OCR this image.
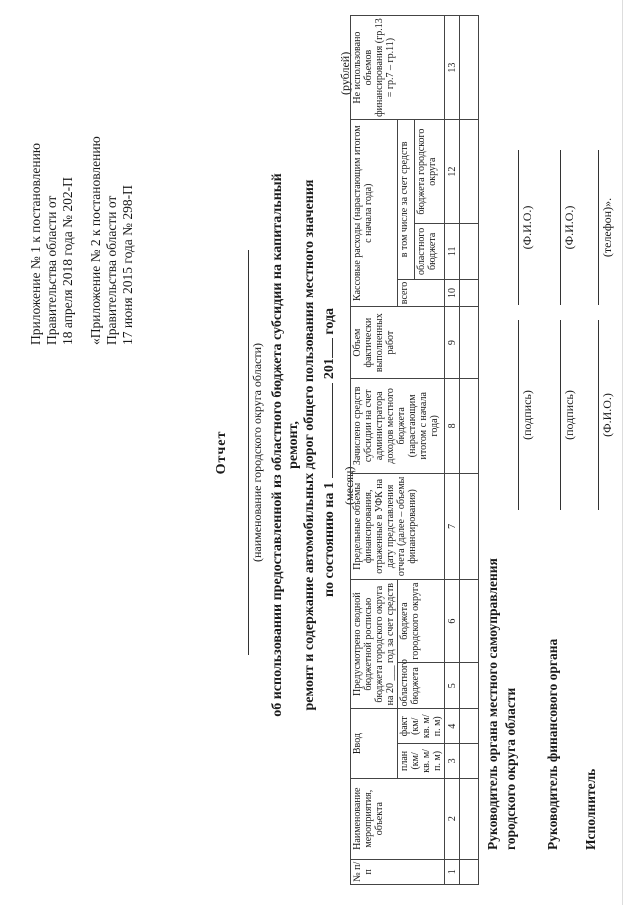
Приложение № 1 к постановлению
Правительства области от
18 апреля 2018 года № 202-П «Приложение № 2 к постановлению
Правительства области от
17 июня 2015 года № 298-П

Отчет (наименование городского округа области) об использовании предоставленной из областного бюджета субсидии на капитальный ремонт, ремонт и содержание автомобильных дорог общего пользования местного значения по состоянию на 1201 года
(месяц)
(рублей)
№ п/п	Наименование мероприятия, объекта	Ввод		Предусмотрено сводной бюджетной росписью бюджета городского округа на 20 ___ год за счет средств		Предельные объемы финансирования, отраженные в УФК на дату представления отчета (далее – объемы финансирования)	Зачислено средств субсидии на счет администратора доходов местного бюджета (нарастающим итогом с начала года)	Объем фактически выполненных работ	Кассовые расходы (нарастающим итогом с начала года)			Не использовано объемов финансирования (гр.13 = гр.7 – гр.11)
		план (км/ кв. м/ п. м)	факт (км/ кв. м/ п. м)	областного бюджета	бюджета городского округа				всего	в том числе за счет средств		
										областного бюджета	бюджета городского округа	
1	2	3	4	5	6	7	8	9	10	11	12	13

Руководитель органа местного самоуправления городского округа области
(подпись)
(Ф.И.О.)
Руководитель финансового органа
(подпись)
(Ф.И.О.)
Исполнитель
(Ф.И.О.)
(телефон)».
